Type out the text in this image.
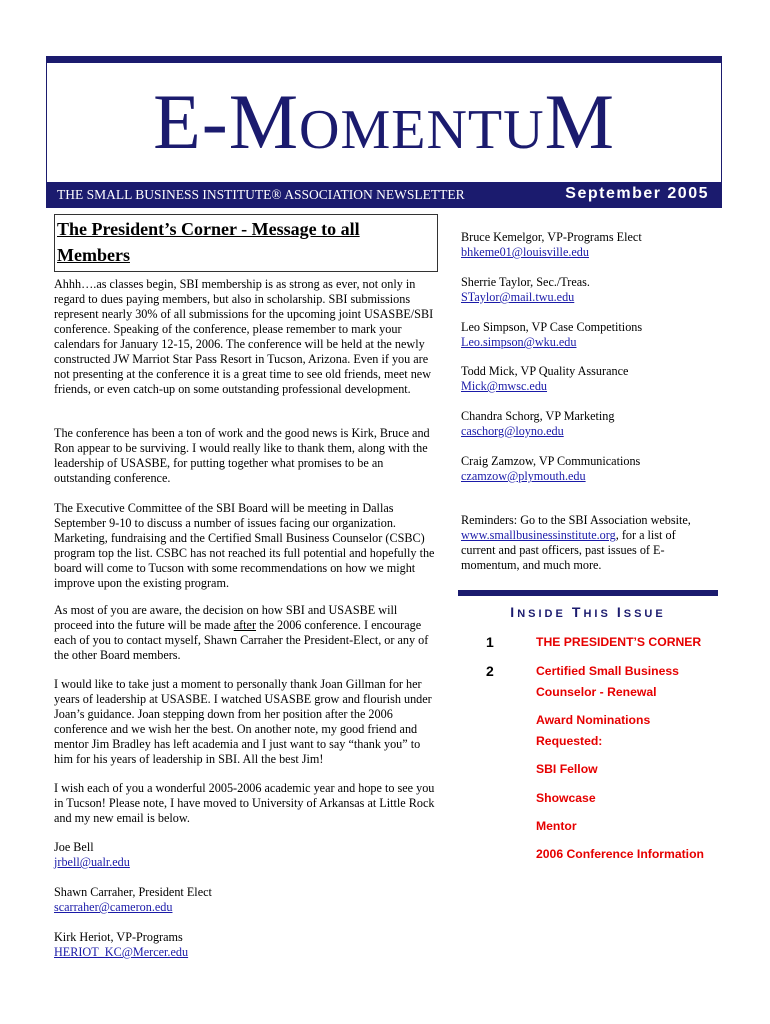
E-MOMENTUM
THE SMALL BUSINESS INSTITUTE® ASSOCIATION NEWSLETTER	September 2005
The President’s Corner - Message to all Members

Ahhh….as classes begin, SBI membership is as strong as ever, not only in regard to dues paying members, but also in scholarship. SBI submissions represent nearly 30% of all submissions for the upcoming joint USASBE/SBI conference. Speaking of the conference, please remember to mark your calendars for January 12-15, 2006. The conference will be held at the newly constructed JW Marriot Star Pass Resort in Tucson, Arizona. Even if you are not presenting at the conference it is a great time to see old friends, meet new friends, or even catch-up on some outstanding professional development.

The conference has been a ton of work and the good news is Kirk, Bruce and Ron appear to be surviving. I would really like to thank them, along with the leadership of USASBE, for putting together what promises to be an outstanding conference.

The Executive Committee of the SBI Board will be meeting in Dallas September 9-10 to discuss a number of issues facing our organization. Marketing, fundraising and the Certified Small Business Counselor (CSBC) program top the list. CSBC has not reached its full potential and hopefully the board will come to Tucson with some recommendations on how we might improve upon the existing program.

As most of you are aware, the decision on how SBI and USASBE will proceed into the future will be made after the 2006 conference. I encourage each of you to contact myself, Shawn Carraher the President-Elect, or any of the other Board members.

I would like to take just a moment to personally thank Joan Gillman for her years of leadership at USASBE. I watched USASBE grow and flourish under Joan’s guidance. Joan stepping down from her position after the 2006 conference and we wish her the best. On another note, my good friend and mentor Jim Bradley has left academia and I just want to say “thank you” to him for his years of leadership in SBI. All the best Jim!

I wish each of you a wonderful 2005-2006 academic year and hope to see you in Tucson! Please note, I have moved to University of Arkansas at Little Rock and my new email is below.

Joe Bell
jrbell@ualr.edu

Shawn Carraher, President Elect
scarraher@cameron.edu

Kirk Heriot, VP-Programs
HERIOT_KC@Mercer.edu

Bruce Kemelgor, VP-Programs Elect
bhkeme01@louisville.edu
Sherrie Taylor, Sec./Treas.
STaylor@mail.twu.edu
Leo Simpson, VP Case Competitions
Leo.simpson@wku.edu
Todd Mick, VP Quality Assurance
Mick@mwsc.edu
Chandra Schorg, VP Marketing
caschorg@loyno.edu
Craig Zamzow, VP Communications
czamzow@plymouth.edu
Reminders: Go to the SBI Association website, www.smallbusinessinstitute.org, for a list of current and past officers, past issues of E-momentum, and much more.
INSIDE THIS ISSUE
1
2
THE PRESIDENT’S CORNER
Certified Small Business Counselor - Renewal
Award Nominations Requested:
SBI Fellow
Showcase
Mentor
2006 Conference Information
